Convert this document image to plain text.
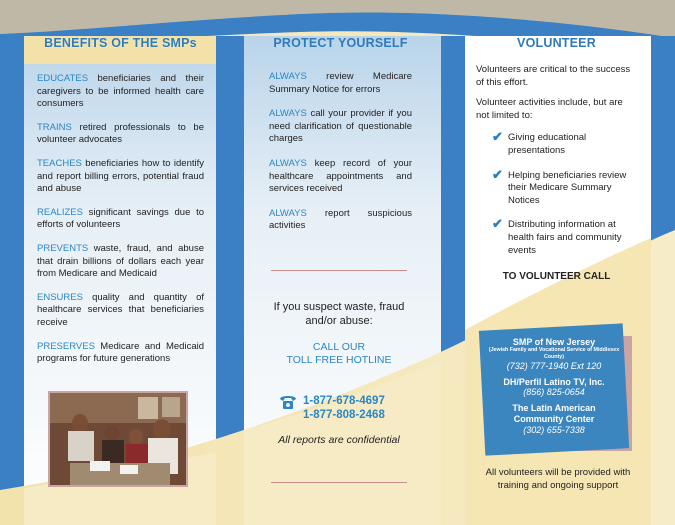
BENEFITS OF THE SMPs
EDUCATES beneficiaries and their caregivers to be informed health care consumers
TRAINS retired professionals to be volunteer advocates
TEACHES beneficiaries how to identify and report billing errors, potential fraud and abuse
REALIZES significant savings due to efforts of volunteers
PREVENTS waste, fraud, and abuse that drain billions of dollars each year from Medicare and Medicaid
ENSURES quality and quantity of healthcare services that beneficiaries receive
PRESERVES Medicare and Medicaid programs for future generations
PROTECT YOURSELF
ALWAYS review Medicare Summary Notice for errors
ALWAYS call your provider if you need clarification of questionable charges
ALWAYS keep record of your healthcare appointments and services received
ALWAYS report suspicious activities
If you suspect waste, fraud and/or abuse:
CALL OUR
TOLL FREE HOTLINE
1-877-678-4697
1-877-808-2468
All reports are confidential
VOLUNTEER
Volunteers are critical to the success of this effort.
Volunteer activities include, but are not limited to:
✔ Giving educational presentations
✔ Helping beneficiaries review their Medicare Summary Notices
✔ Distributing information at health fairs and community events
TO VOLUNTEER CALL
SMP of New Jersey
(Jewish Family and Vocational Service of Middlesex County)
(732) 777-1940 Ext 120
DH/Perfil Latino TV, Inc.
(856) 825-0654
The Latin American Community Center
(302) 655-7338
All volunteers will be provided with training and ongoing support
